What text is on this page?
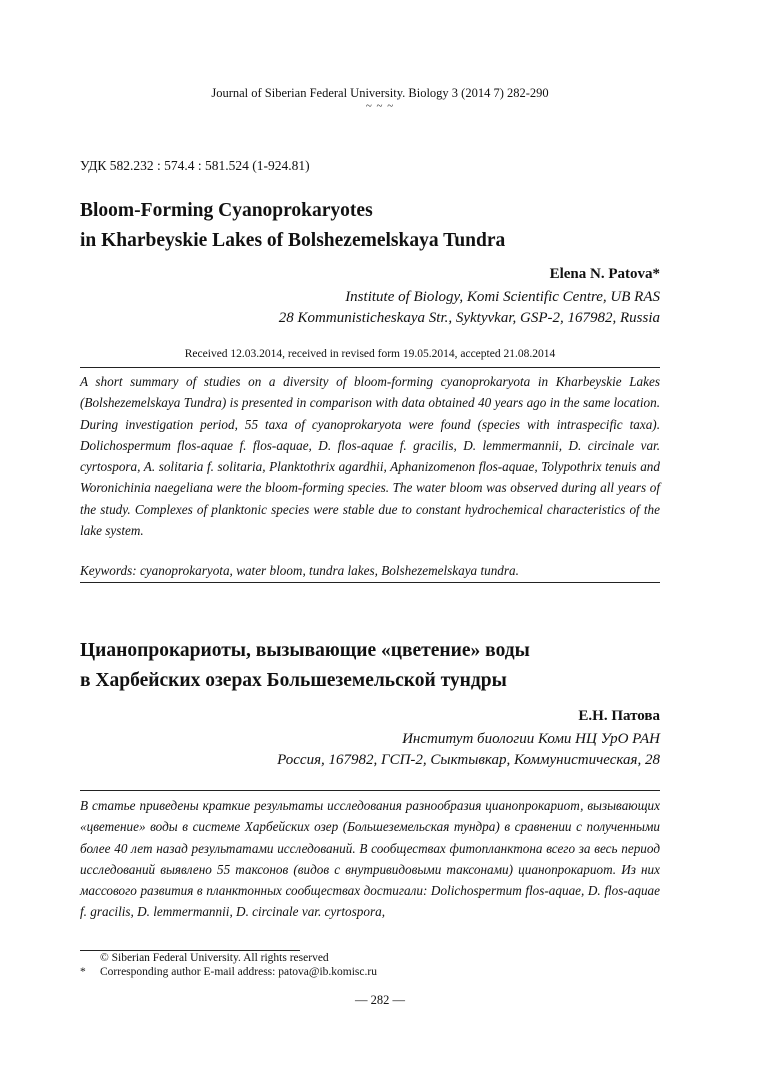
Journal of Siberian Federal University. Biology 3 (2014 7) 282-290
~ ~ ~
УДК 582.232 : 574.4 : 581.524 (1-924.81)
Bloom-Forming Cyanoprokaryotes
in Kharbeyskie Lakes of Bolshezemelskaya Tundra
Elena N. Patova*
Institute of Biology, Komi Scientific Centre, UB RAS
28 Kommunisticheskaya Str., Syktyvkar, GSP-2, 167982, Russia
Received 12.03.2014, received in revised form 19.05.2014, accepted 21.08.2014
A short summary of studies on a diversity of bloom-forming cyanoprokaryota in Kharbeyskie Lakes (Bolshezemelskaya Tundra) is presented in comparison with data obtained 40 years ago in the same location. During investigation period, 55 taxa of cyanoprokaryota were found (species with intraspecific taxa). Dolichospermum flos-aquae f. flos-aquae, D. flos-aquae f. gracilis, D. lemmermannii, D. circinale var. cyrtospora, A. solitaria f. solitaria, Planktothrix agardhii, Aphanizomenon flos-aquae, Tolypothrix tenuis and Woronichinia naegeliana were the bloom-forming species. The water bloom was observed during all years of the study. Complexes of planktonic species were stable due to constant hydrochemical characteristics of the lake system.
Keywords: cyanoprokaryota, water bloom, tundra lakes, Bolshezemelskaya tundra.
Цианопрокариоты, вызывающие «цветение» воды
в Харбейских озерах Большеземельской тундры
Е.Н. Патова
Институт биологии Коми НЦ УрО РАН
Россия, 167982, ГСП-2, Сыктывкар, Коммунистическая, 28
В статье приведены краткие результаты исследования разнообразия цианопрокариот, вызывающих «цветение» воды в системе Харбейских озер (Большеземельская тундра) в сравнении с полученными более 40 лет назад результатами исследований. В сообществах фитопланктона всего за весь период исследований выявлено 55 таксонов (видов с внутривидовыми таксонами) цианопрокариот. Из них массового развития в планктонных сообществах достигали: Dolichospermum flos-aquae, D. flos-aquae f. gracilis, D. lemmermannii, D. circinale var. cyrtospora,
© Siberian Federal University. All rights reserved
* Corresponding author E-mail address: patova@ib.komisc.ru
― 282 ―
